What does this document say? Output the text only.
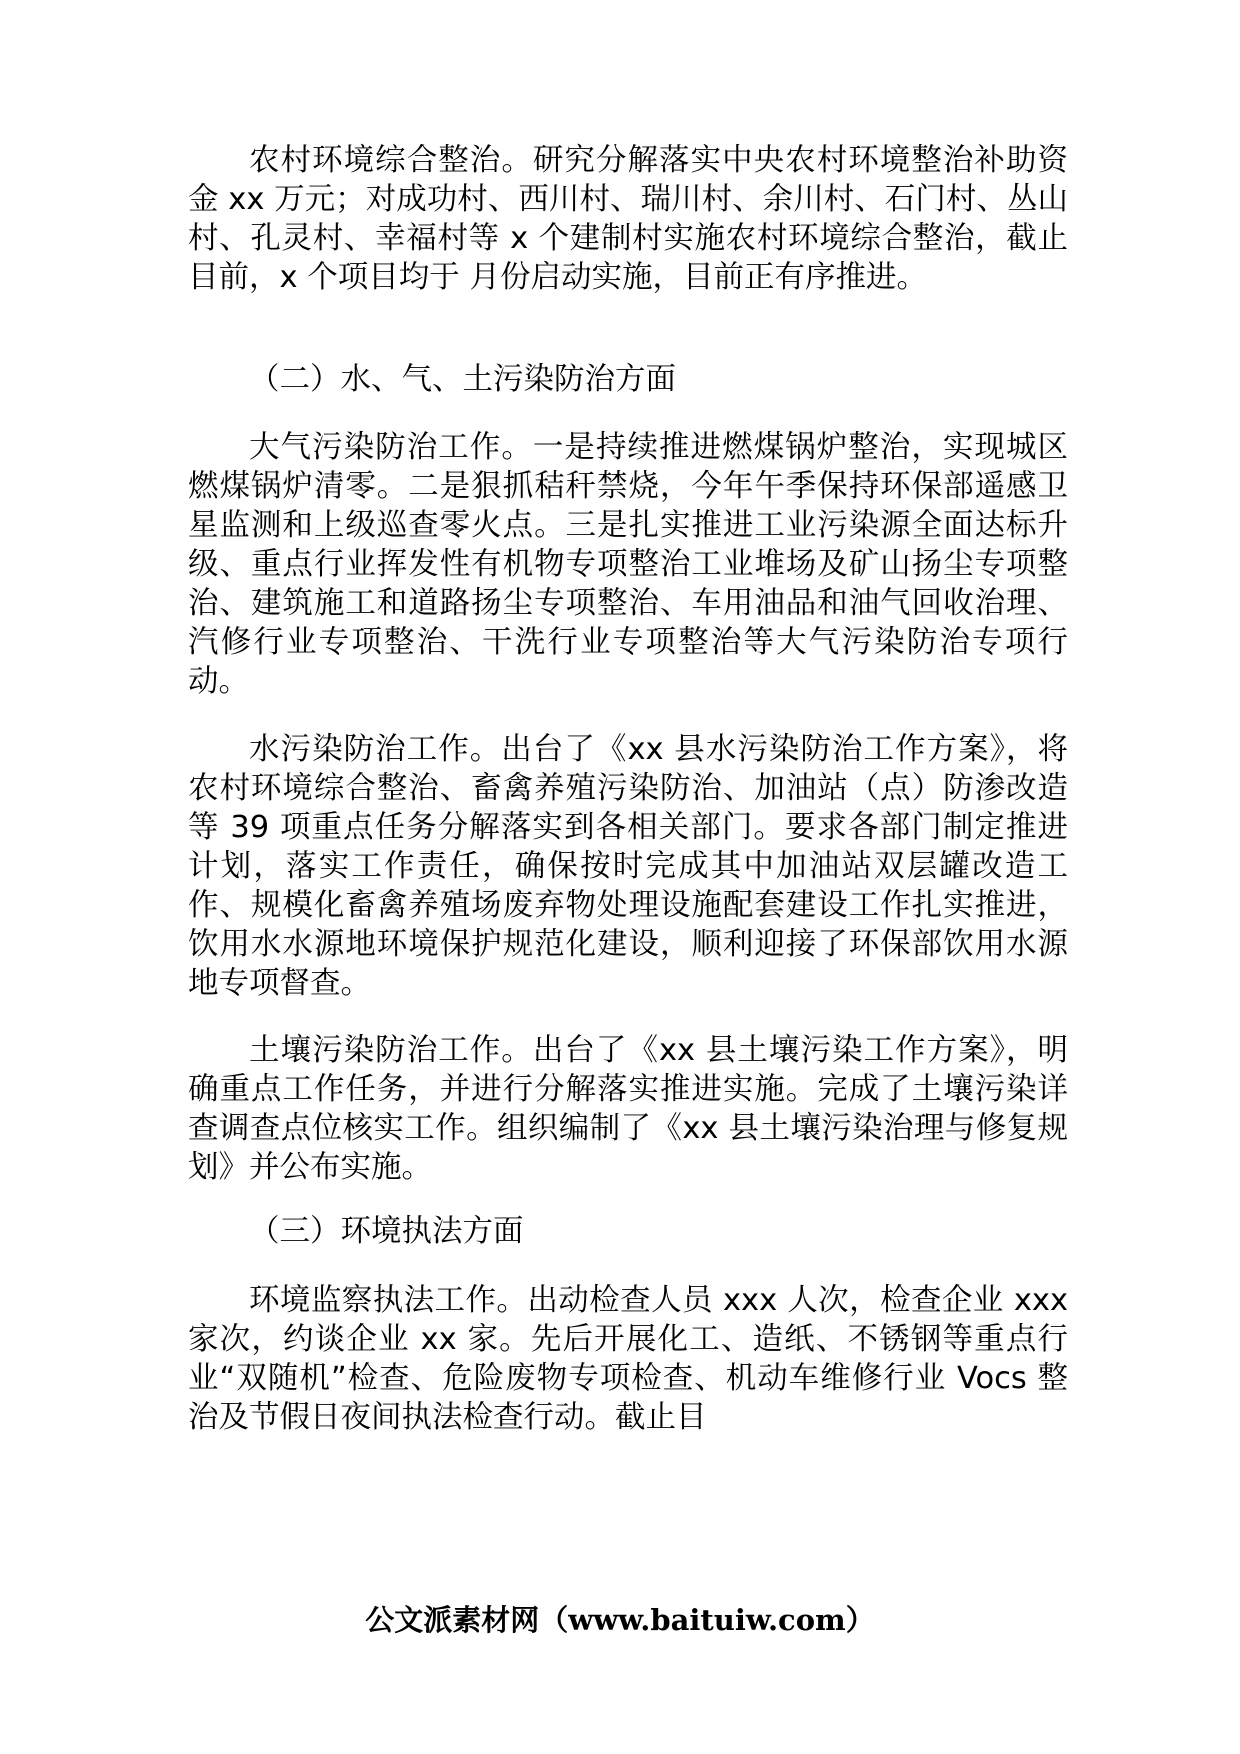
农村环境综合整治。研究分解落实中央农村环境整治补助资金 xx 万元；对成功村、西川村、瑞川村、余川村、石门村、丛山村、孔灵村、幸福村等 x 个建制村实施农村环境综合整治，截止目前，x 个项目均于 月份启动实施，目前正有序推进。

（二）水、气、土污染防治方面

大气污染防治工作。一是持续推进燃煤锅炉整治，实现城区燃煤锅炉清零。二是狠抓秸秆禁烧，今年午季保持环保部遥感卫星监测和上级巡查零火点。三是扎实推进工业污染源全面达标升级、重点行业挥发性有机物专项整治工业堆场及矿山扬尘专项整治、建筑施工和道路扬尘专项整治、车用油品和油气回收治理、汽修行业专项整治、干洗行业专项整治等大气污染防治专项行动。

水污染防治工作。出台了《xx 县水污染防治工作方案》，将农村环境综合整治、畜禽养殖污染防治、加油站（点）防渗改造等 39 项重点任务分解落实到各相关部门。要求各部门制定推进计划，落实工作责任，确保按时完成其中加油站双层罐改造工作、规模化畜禽养殖场废弃物处理设施配套建设工作扎实推进，饮用水水源地环境保护规范化建设，顺利迎接了环保部饮用水源地专项督查。

土壤污染防治工作。出台了《xx 县土壤污染工作方案》，明确重点工作任务，并进行分解落实推进实施。完成了土壤污染详查调查点位核实工作。组织编制了《xx 县土壤污染治理与修复规划》并公布实施。

（三）环境执法方面

环境监察执法工作。出动检查人员 xxx 人次，检查企业 xxx 家次，约谈企业 xx 家。先后开展化工、造纸、不锈钢等重点行业“双随机”检查、危险废物专项检查、机动车维修行业 Vocs 整治及节假日夜间执法检查行动。截止目

公文派素材网（www.baituiw.com）
